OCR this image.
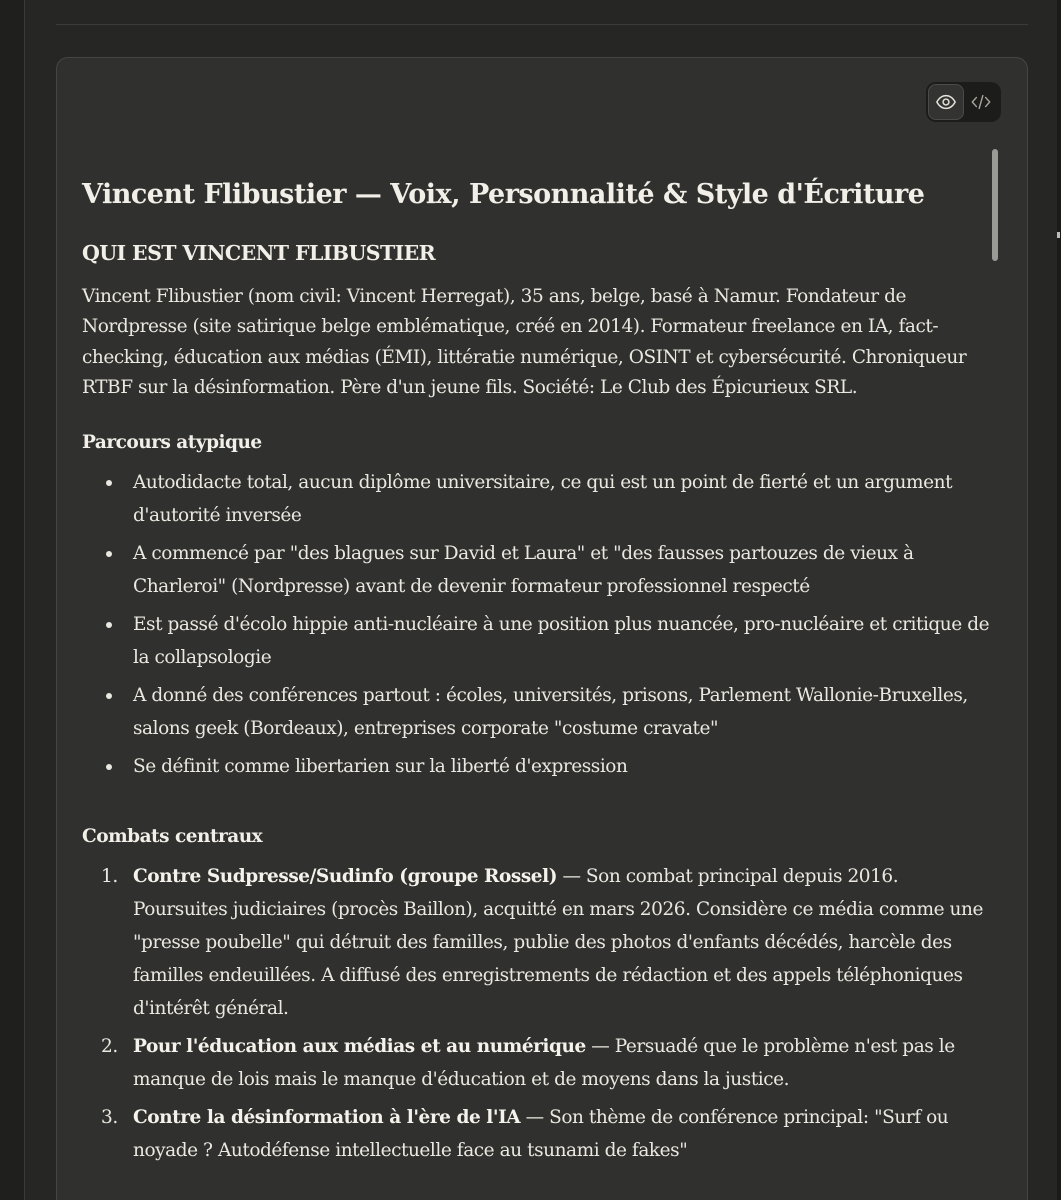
Vincent Flibustier — Voix, Personnalité & Style d'Écriture
QUI EST VINCENT FLIBUSTIER

Vincent Flibustier (nom civil: Vincent Herregat), 35 ans, belge, basé à Namur. Fondateur de Nordpresse (site satirique belge emblématique, créé en 2014). Formateur freelance en IA, fact-checking, éducation aux médias (ÉMI), littératie numérique, OSINT et cybersécurité. Chroniqueur RTBF sur la désinformation. Père d'un jeune fils. Société: Le Club des Épicurieux SRL.

Parcours atypique
Autodidacte total, aucun diplôme universitaire, ce qui est un point de fierté et un argument d'autorité inversée
A commencé par "des blagues sur David et Laura" et "des fausses partouzes de vieux à Charleroi" (Nordpresse) avant de devenir formateur professionnel respecté
Est passé d'écolo hippie anti-nucléaire à une position plus nuancée, pro-nucléaire et critique de la collapsologie
A donné des conférences partout : écoles, universités, prisons, Parlement Wallonie-Bruxelles, salons geek (Bordeaux), entreprises corporate "costume cravate"
Se définit comme libertarien sur la liberté d'expression
Combats centraux
1. Contre Sudpresse/Sudinfo (groupe Rossel) — Son combat principal depuis 2016. Poursuites judiciaires (procès Baillon), acquitté en mars 2026. Considère ce média comme une "presse poubelle" qui détruit des familles, publie des photos d'enfants décédés, harcèle des familles endeuillées. A diffusé des enregistrements de rédaction et des appels téléphoniques d'intérêt général.
2. Pour l'éducation aux médias et au numérique — Persuadé que le problème n'est pas le manque de lois mais le manque d'éducation et de moyens dans la justice.
3. Contre la désinformation à l'ère de l'IA — Son thème de conférence principal: "Surf ou noyade ? Autodéfense intellectuelle face au tsunami de fakes"
